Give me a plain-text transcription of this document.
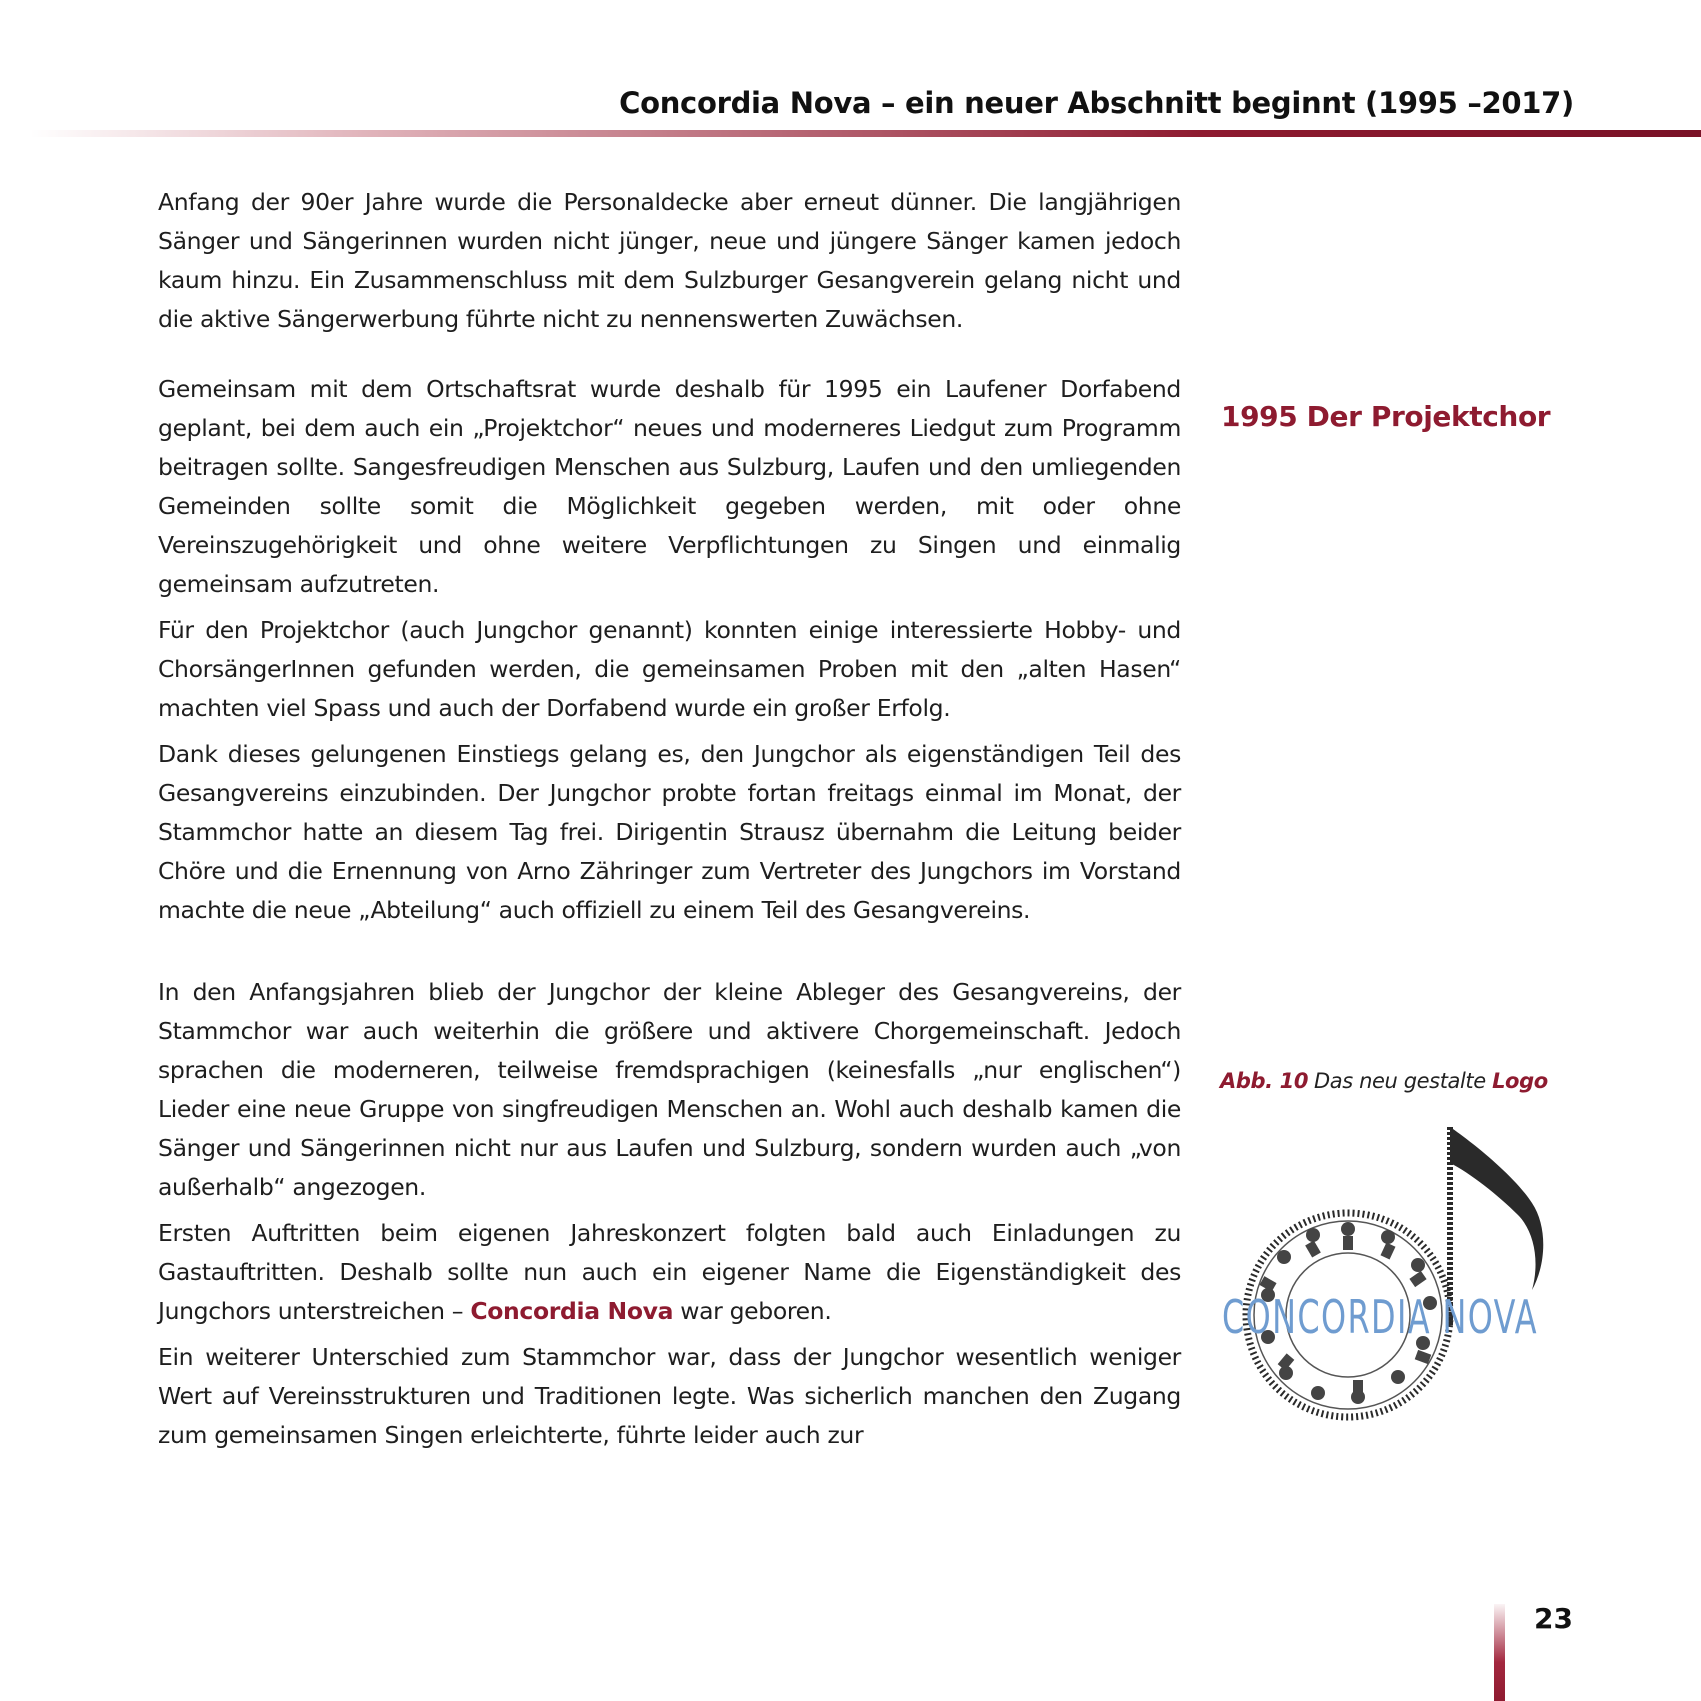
Concordia Nova – ein neuer Abschnitt beginnt (1995 –2017)

Anfang der 90er Jahre wurde die Personaldecke aber erneut dünner. Die langjährigen Sänger und Sängerinnen wurden nicht jünger, neue und jüngere Sänger kamen jedoch kaum hinzu. Ein Zusammenschluss mit dem Sulzburger Gesangverein gelang nicht und die aktive Sängerwerbung führte nicht zu nennenswerten Zuwächsen.

Gemeinsam mit dem Ortschaftsrat wurde deshalb für 1995 ein Laufener Dorfabend geplant, bei dem auch ein „Projektchor“ neues und moderneres Liedgut zum Programm beitragen sollte. Sangesfreudigen Menschen aus Sulzburg, Laufen und den umliegenden Gemeinden sollte somit die Möglichkeit gegeben werden, mit oder ohne Vereinszugehörigkeit und ohne weitere Verpflichtungen zu Singen und einmalig gemeinsam aufzutreten.

Für den Projektchor (auch Jungchor genannt) konnten einige interessierte Hobby- und ChorsängerInnen gefunden werden, die gemeinsamen Proben mit den „alten Hasen“ machten viel Spass und auch der Dorfabend wurde ein großer Erfolg.

Dank dieses gelungenen Einstiegs gelang es, den Jungchor als eigenständigen Teil des Gesangvereins einzubinden. Der Jungchor probte fortan freitags einmal im Monat, der Stammchor hatte an diesem Tag frei. Dirigentin Strausz übernahm die Leitung beider Chöre und die Ernennung von Arno Zähringer zum Vertreter des Jungchors im Vorstand machte die neue „Abteilung“ auch offiziell zu einem Teil des Gesangvereins.

In den Anfangsjahren blieb der Jungchor der kleine Ableger des Gesangvereins, der Stammchor war auch weiterhin die größere und aktivere Chorgemeinschaft. Jedoch sprachen die moderneren, teilweise fremdsprachigen (keinesfalls „nur englischen“) Lieder eine neue Gruppe von singfreudigen Menschen an. Wohl auch deshalb kamen die Sänger und Sängerinnen nicht nur aus Laufen und Sulzburg, sondern wurden auch „von außerhalb“ angezogen.

Ersten Auftritten beim eigenen Jahreskonzert folgten bald auch Einladungen zu Gastauftritten. Deshalb sollte nun auch ein eigener Name die Eigenständigkeit des Jungchors unterstreichen – Concordia Nova war geboren.

Ein weiterer Unterschied zum Stammchor war, dass der Jungchor wesentlich weniger Wert auf Vereinsstrukturen und Traditionen legte. Was sicherlich manchen den Zugang zum gemeinsamen Singen erleichterte, führte leider auch zur

1995 Der Projektchor
Abb. 10 Das neu gestalte Logo
CONCORDIA NOVA
23
